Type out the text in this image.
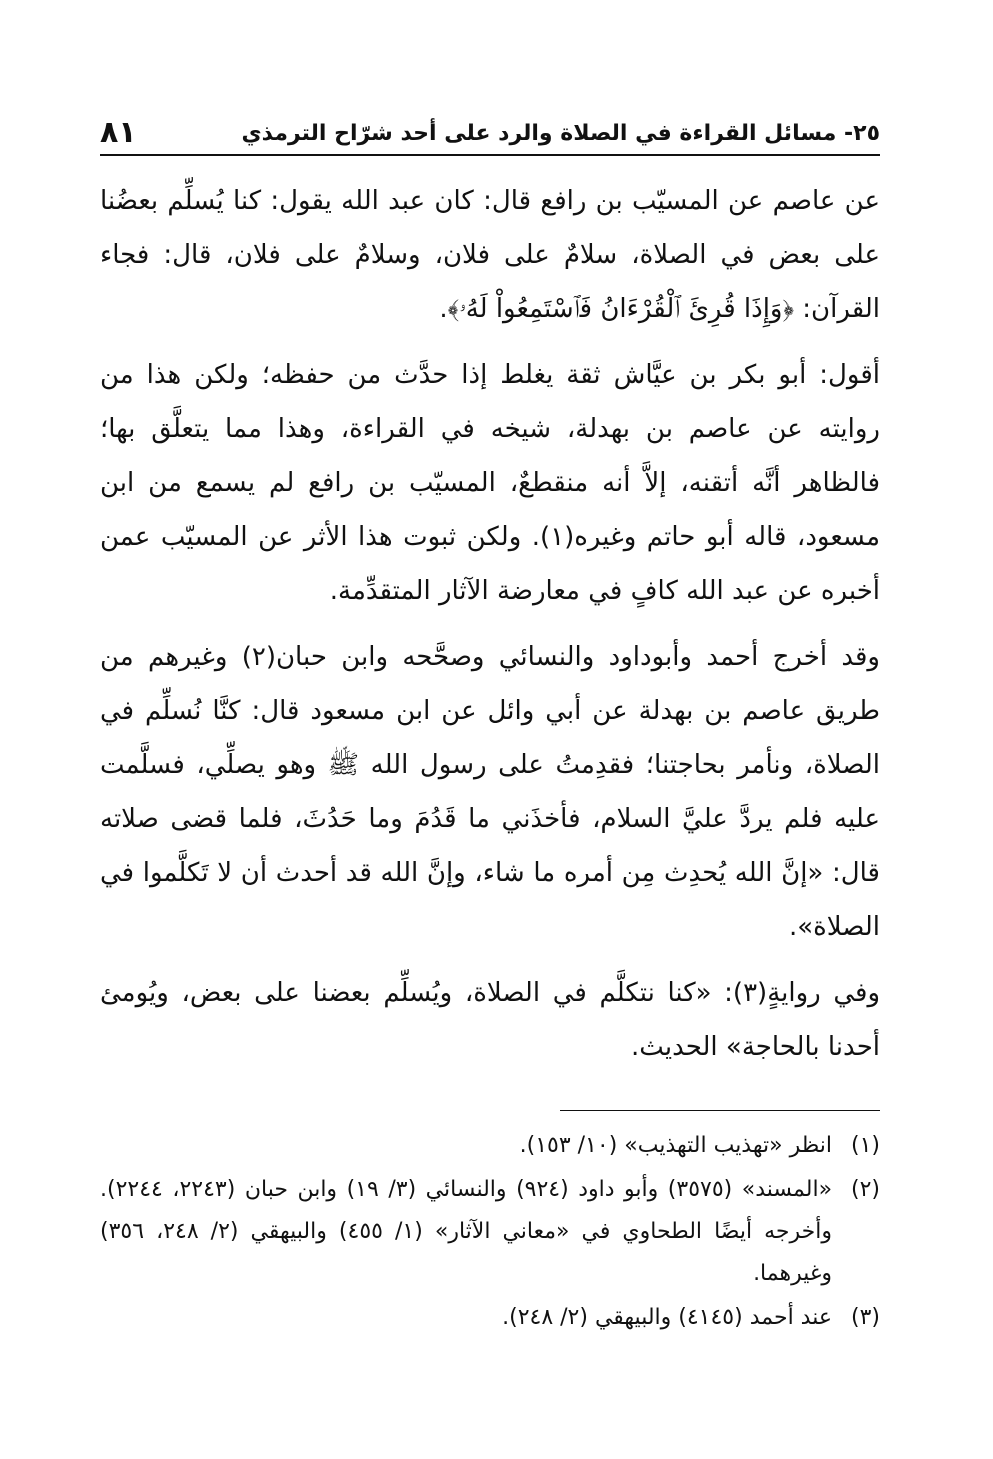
٢٥- مسائل القراءة في الصلاة والرد على أحد شرّاح الترمذي
٨١

عن عاصم عن المسيّب بن رافع قال: كان عبد الله يقول: كنا يُسلِّم بعضُنا على بعض في الصلاة، سلامٌ على فلان، وسلامٌ على فلان، قال: فجاء القرآن: ﴿وَإِذَا قُرِئَ ٱلْقُرْءَانُ فَٱسْتَمِعُواْ لَهُۥ﴾.

أقول: أبو بكر بن عيَّاش ثقة يغلط إذا حدَّث من حفظه؛ ولكن هذا من روايته عن عاصم بن بهدلة، شيخه في القراءة، وهذا مما يتعلَّق بها؛ فالظاهر أنَّه أتقنه، إلاَّ أنه منقطعٌ، المسيّب بن رافع لم يسمع من ابن مسعود، قاله أبو حاتم وغيره(١). ولكن ثبوت هذا الأثر عن المسيّب عمن أخبره عن عبد الله كافٍ في معارضة الآثار المتقدِّمة.

وقد أخرج أحمد وأبوداود والنسائي وصحَّحه وابن حبان(٢) وغيرهم من طريق عاصم بن بهدلة عن أبي وائل عن ابن مسعود قال: كنَّا نُسلِّم في الصلاة، ونأمر بحاجتنا؛ فقدِمتُ على رسول الله ﷺ وهو يصلِّي، فسلَّمت عليه فلم يردَّ عليَّ السلام، فأخذَني ما قَدُمَ وما حَدُثَ، فلما قضى صلاته قال: «إنَّ الله يُحدِث مِن أمره ما شاء، وإنَّ الله قد أحدث أن لا تَكلَّموا في الصلاة».

وفي روايةٍ(٣): «كنا نتكلَّم في الصلاة، ويُسلِّم بعضنا على بعض، ويُومئ أحدنا بالحاجة» الحديث.

(١)
انظر «تهذيب التهذيب» (١٠/ ١٥٣).
(٢)
«المسند» (٣٥٧٥) وأبو داود (٩٢٤) والنسائي (٣/ ١٩) وابن حبان (٢٢٤٣، ٢٢٤٤). وأخرجه أيضًا الطحاوي في «معاني الآثار» (١/ ٤٥٥) والبيهقي (٢/ ٢٤٨، ٣٥٦) وغيرهما.
(٣)
عند أحمد (٤١٤٥) والبيهقي (٢/ ٢٤٨).
